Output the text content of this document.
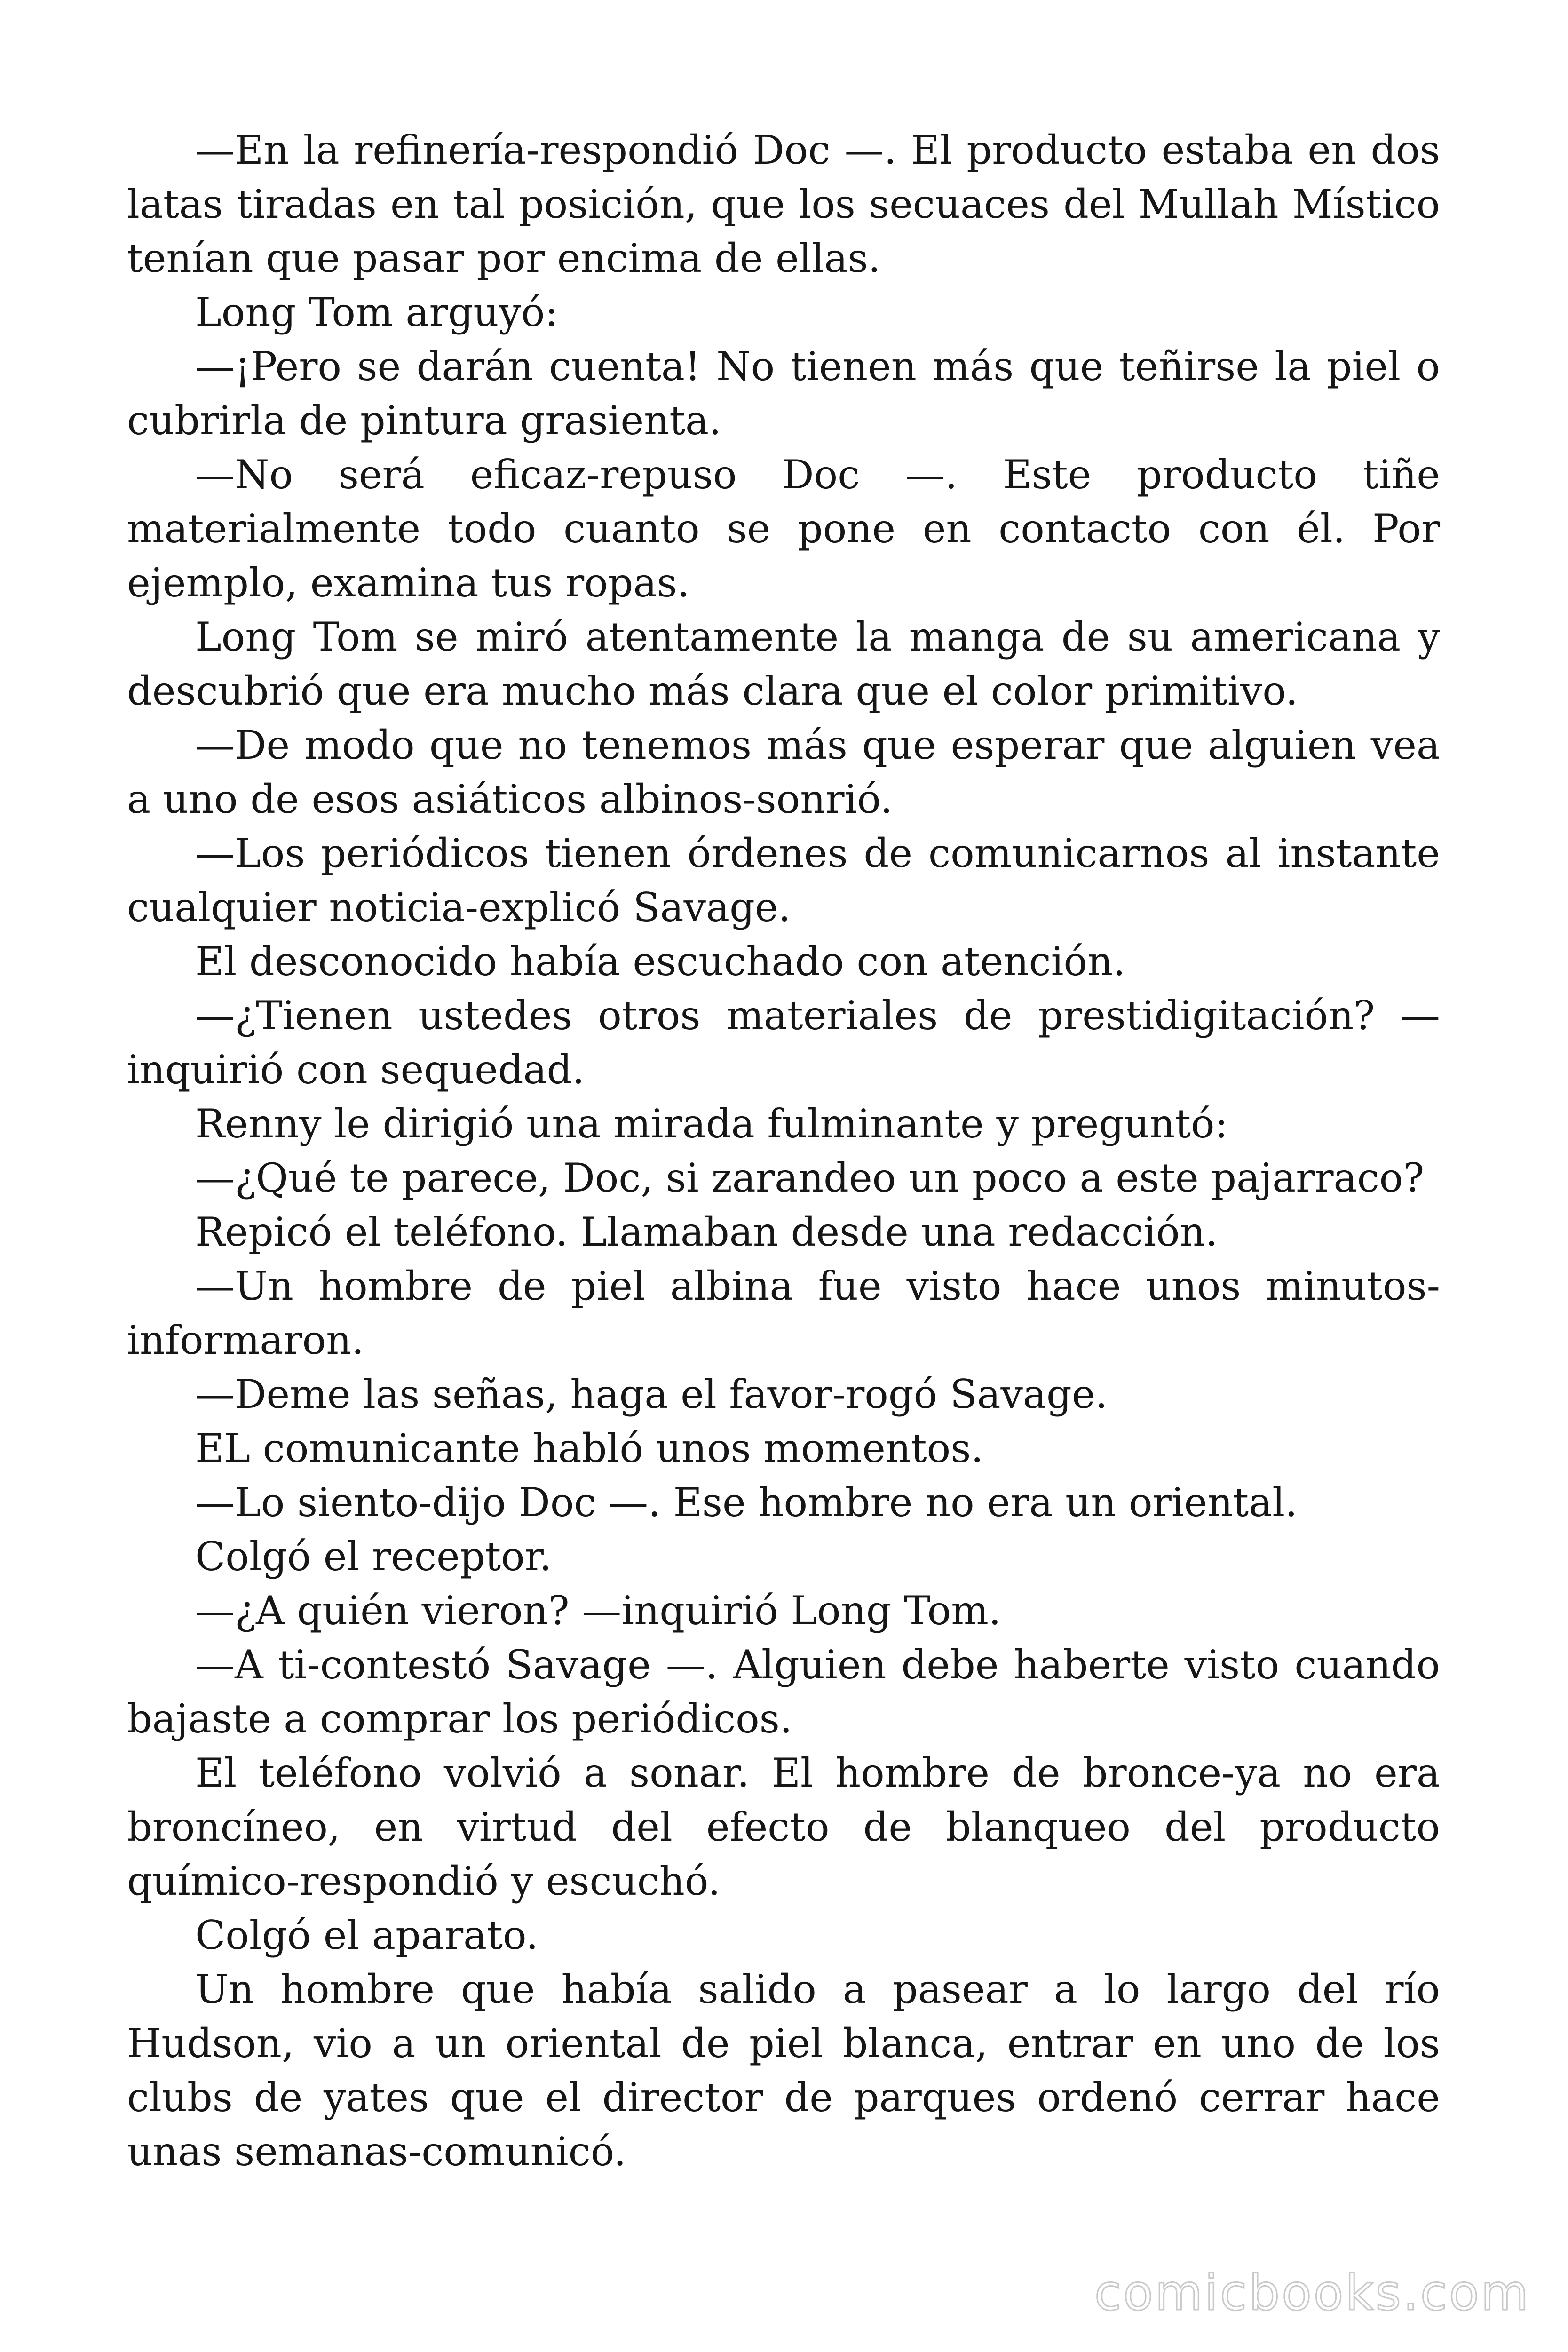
—En la refinería-respondió Doc —. El producto estaba en dos latas tiradas en tal posición, que los secuaces del Mullah Místico tenían que pasar por encima de ellas.

Long Tom arguyó:

—¡Pero se darán cuenta! No tienen más que teñirse la piel o cubrirla de pintura grasienta.

—No será eficaz-repuso Doc —. Este producto tiñe materialmente todo cuanto se pone en contacto con él. Por ejemplo, examina tus ropas.

Long Tom se miró atentamente la manga de su americana y descubrió que era mucho más clara que el color primitivo.

—De modo que no tenemos más que esperar que alguien vea a uno de esos asiáticos albinos-sonrió.

—Los periódicos tienen órdenes de comunicarnos al instante cualquier noticia-explicó Savage.

El desconocido había escuchado con atención.

—¿Tienen ustedes otros materiales de prestidigitación? — inquirió con sequedad.

Renny le dirigió una mirada fulminante y preguntó:

—¿Qué te parece, Doc, si zarandeo un poco a este pajarraco?

Repicó el teléfono. Llamaban desde una redacción.

—Un hombre de piel albina fue visto hace unos minutos-informaron.

—Deme las señas, haga el favor-rogó Savage.

EL comunicante habló unos momentos.

—Lo siento-dijo Doc —. Ese hombre no era un oriental.

Colgó el receptor.

—¿A quién vieron? —inquirió Long Tom.

—A ti-contestó Savage —. Alguien debe haberte visto cuando bajaste a comprar los periódicos.

El teléfono volvió a sonar. El hombre de bronce-ya no era broncíneo, en virtud del efecto de blanqueo del producto químico-respondió y escuchó.

Colgó el aparato.

Un hombre que había salido a pasear a lo largo del río Hudson, vio a un oriental de piel blanca, entrar en uno de los clubs de yates que el director de parques ordenó cerrar hace unas semanas-comunicó.

comicbooks.com
